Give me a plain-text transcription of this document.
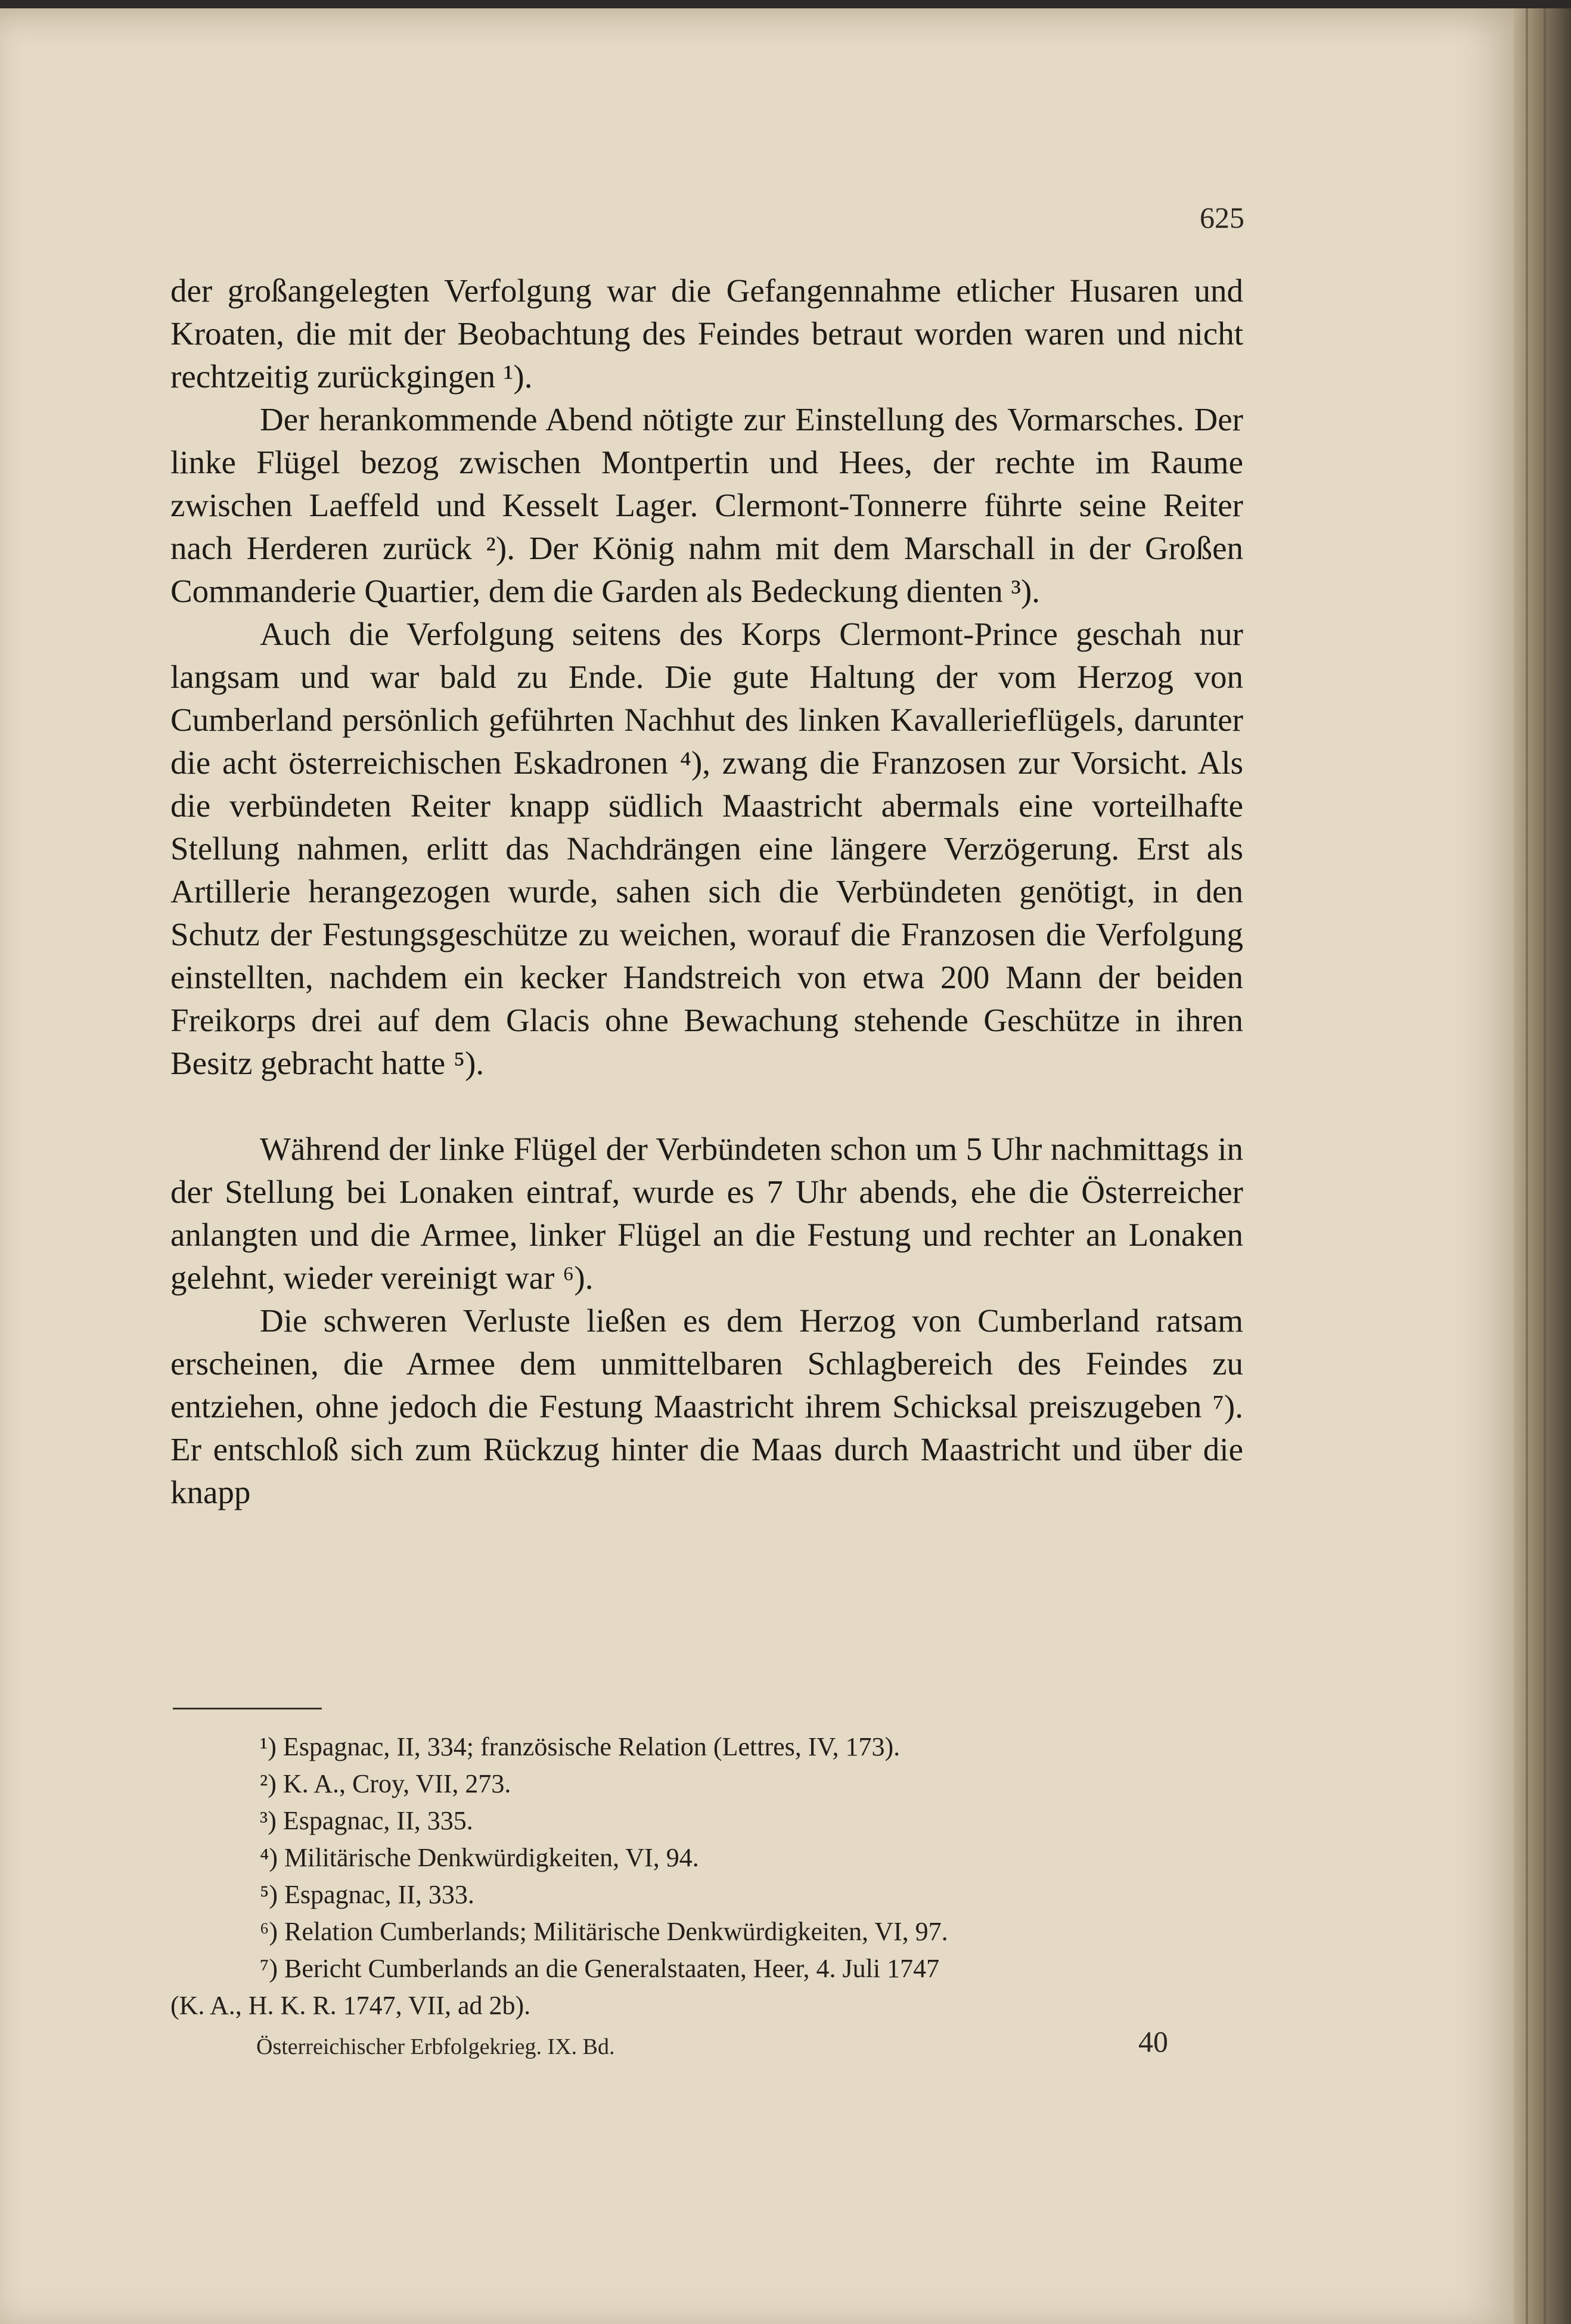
625

der großangelegten Verfolgung war die Gefangennahme etlicher Husaren und Kroaten, die mit der Beobachtung des Feindes betraut worden waren und nicht rechtzeitig zurückgingen ¹).

Der herankommende Abend nötigte zur Einstellung des Vormarsches. Der linke Flügel bezog zwischen Montpertin und Hees, der rechte im Raume zwischen Laeffeld und Kesselt Lager. Clermont-Tonnerre führte seine Reiter nach Herderen zurück ²). Der König nahm mit dem Marschall in der Großen Commanderie Quartier, dem die Garden als Bedeckung dienten ³).

Auch die Verfolgung seitens des Korps Clermont-Prince geschah nur langsam und war bald zu Ende. Die gute Haltung der vom Herzog von Cumberland persönlich geführten Nachhut des linken Kavallerieflügels, darunter die acht österreichischen Eskadronen ⁴), zwang die Franzosen zur Vorsicht. Als die verbündeten Reiter knapp südlich Maastricht abermals eine vorteilhafte Stellung nahmen, erlitt das Nachdrängen eine längere Verzögerung. Erst als Artillerie herangezogen wurde, sahen sich die Verbündeten genötigt, in den Schutz der Festungsgeschütze zu weichen, worauf die Franzosen die Verfolgung einstellten, nachdem ein kecker Handstreich von etwa 200 Mann der beiden Freikorps drei auf dem Glacis ohne Bewachung stehende Geschütze in ihren Besitz gebracht hatte ⁵).

Während der linke Flügel der Verbündeten schon um 5 Uhr nachmittags in der Stellung bei Lonaken eintraf, wurde es 7 Uhr abends, ehe die Österreicher anlangten und die Armee, linker Flügel an die Festung und rechter an Lonaken gelehnt, wieder vereinigt war ⁶).

Die schweren Verluste ließen es dem Herzog von Cumberland ratsam erscheinen, die Armee dem unmittelbaren Schlagbereich des Feindes zu entziehen, ohne jedoch die Festung Maastricht ihrem Schicksal preiszugeben ⁷). Er entschloß sich zum Rückzug hinter die Maas durch Maastricht und über die knapp

¹) Espagnac, II, 334; französische Relation (Lettres, IV, 173).
²) K. A., Croy, VII, 273.
³) Espagnac, II, 335.
⁴) Militärische Denkwürdigkeiten, VI, 94.
⁵) Espagnac, II, 333.
⁶) Relation Cumberlands; Militärische Denkwürdigkeiten, VI, 97.
⁷) Bericht Cumberlands an die Generalstaaten, Heer, 4. Juli 1747
(K. A., H. K. R. 1747, VII, ad 2b).
Österreichischer Erbfolgekrieg. IX. Bd.	40
